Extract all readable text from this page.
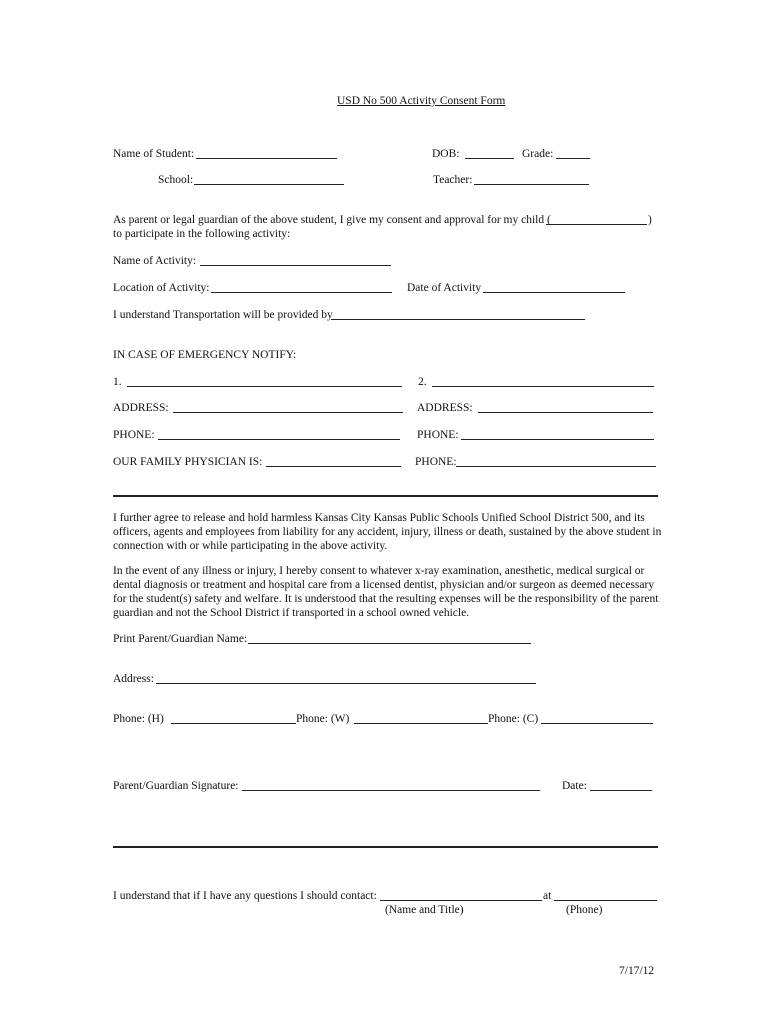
USD No 500 Activity Consent Form
Name of Student:	DOB:	Grade:
School:	Teacher:
As parent or legal guardian of the above student, I give my consent and approval for my child (	)
to participate in the following activity:
Name of Activity:
Location of Activity:	Date of Activity
I understand Transportation will be provided by
IN CASE OF EMERGENCY NOTIFY:
1.	2.
ADDRESS:	ADDRESS:
PHONE:	PHONE:
OUR FAMILY PHYSICIAN IS:	PHONE:
I further agree to release and hold harmless Kansas City Kansas Public Schools Unified School District 500, and its officers, agents and employees from liability for any accident, injury, illness or death, sustained by the above student in connection with or while participating in the above activity.
In the event of any illness or injury, I hereby consent to whatever x-ray examination, anesthetic, medical surgical or dental diagnosis or treatment and hospital care from a licensed dentist, physician and/or surgeon as deemed necessary for the student(s) safety and welfare. It is understood that the resulting expenses will be the responsibility of the parent guardian and not the School District if transported in a school owned vehicle.
Print Parent/Guardian Name:
Address:
Phone: (H)	Phone: (W)	Phone: (C)
Parent/Guardian Signature:	Date:
I understand that if I have any questions I should contact:	at
(Name and Title)	(Phone)
7/17/12
